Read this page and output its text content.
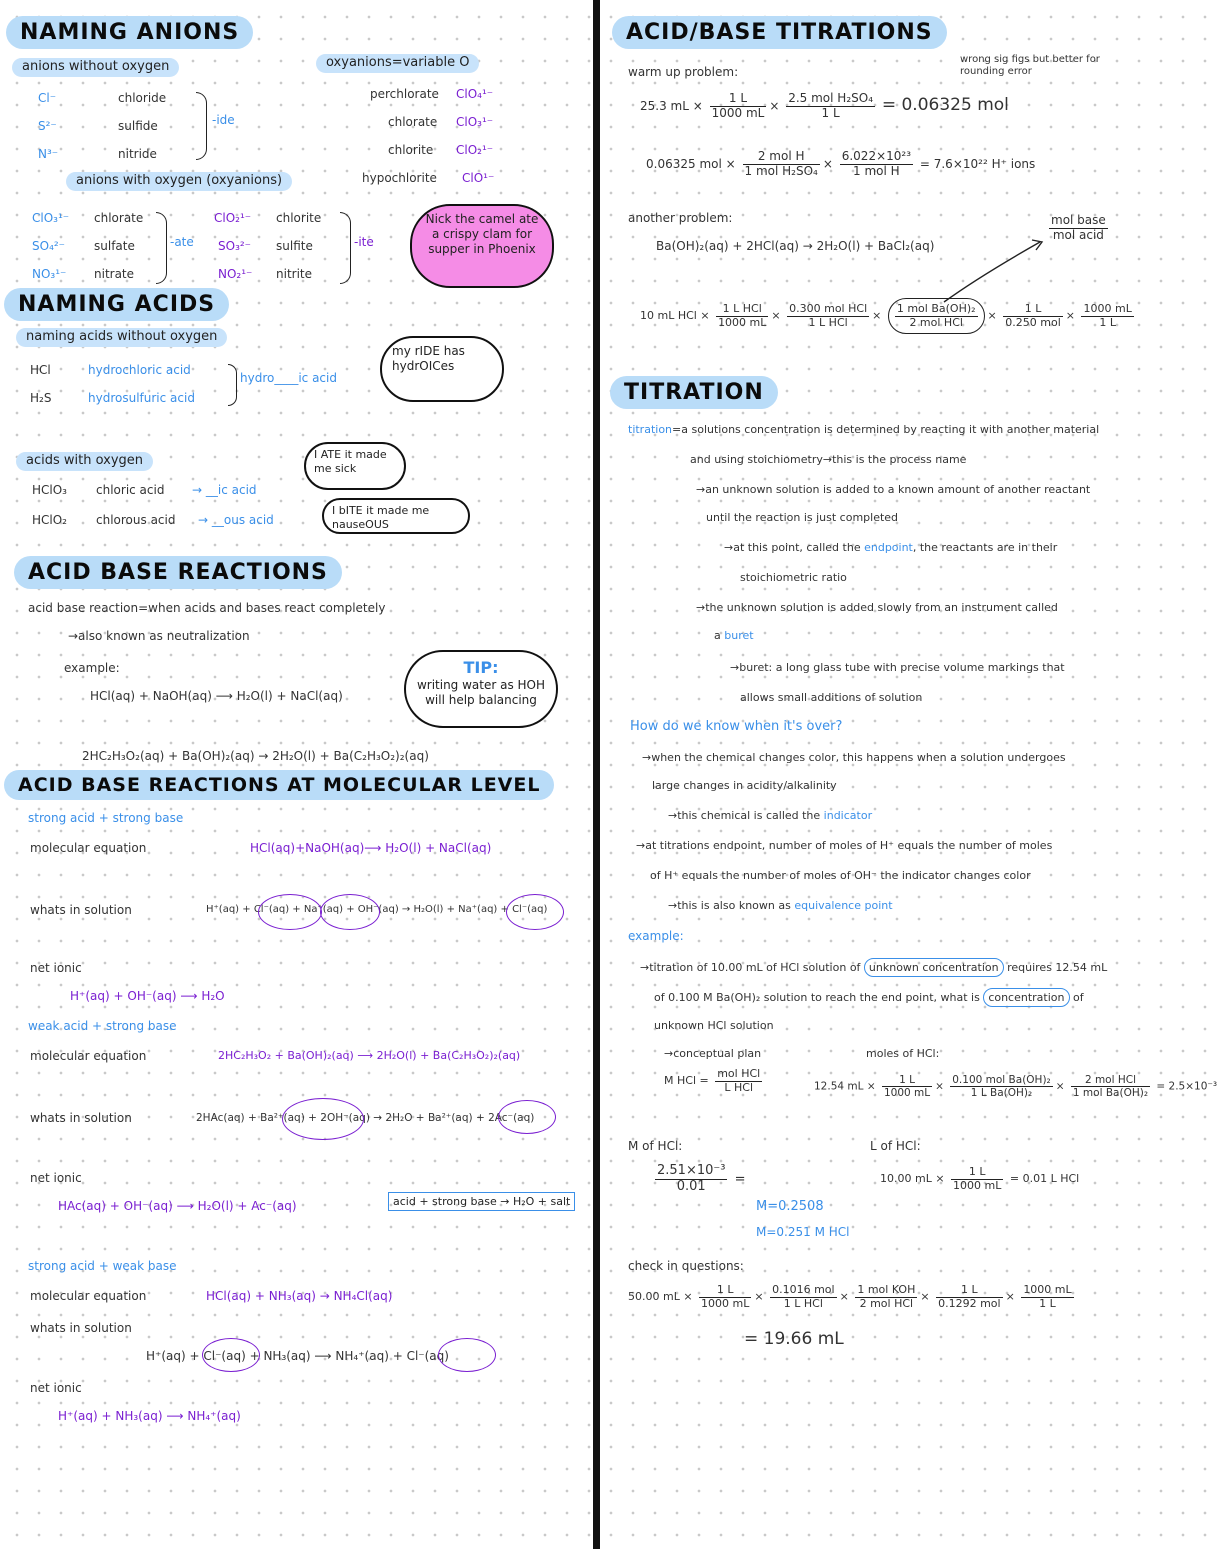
NAMING ANIONS
anions without oxygen	oxyanions=variable O
Cl⁻	chloride
S²⁻	sulfide
N³⁻	nitride
-ide
perchlorate ClO₄¹⁻
chlorate ClO₃¹⁻
chlorite ClO₂¹⁻
hypochlorite ClO¹⁻
anions with oxygen (oxyanions)
ClO₃¹⁻ chlorate
SO₄²⁻ sulfate
NO₃¹⁻ nitrate
-ate
ClO₂¹⁻ chlorite
SO₃²⁻ sulfite
NO₂¹⁻ nitrite
-ite
Nick the camel ate a crispy clam for supper in Phoenix
NAMING ACIDS
naming acids without oxygen
HCl	hydrochloric acid
H₂S	hydrosulfuric acid
hydro____ic acid
my rIDE has hydrOICes
acids with oxygen
HClO₃ chloric acid → __ic acid
HClO₂ chlorous acid → __ous acid
I ATE it made me sick
I bITE it made me nauseOUS
ACID BASE REACTIONS
acid base reaction=when acids and bases react completely
→also known as neutralization
example:
HCl(aq) + NaOH(aq) ⟶ H₂O(l) + NaCl(aq)
2HC₂H₃O₂(aq) + Ba(OH)₂(aq) → 2H₂O(l) + Ba(C₂H₃O₂)₂(aq)
TIP:
writing water as HOH will help balancing
ACID BASE REACTIONS AT MOLECULAR LEVEL
strong acid + strong base
molecular equation	HCl(aq)+NaOH(aq)⟶ H₂O(l) + NaCl(aq)
whats in solution	H⁺(aq) + Cl⁻(aq) + Na⁺(aq) + OH⁻(aq) → H₂O(l) + Na⁺(aq) + Cl⁻(aq)
net ionic
H⁺(aq) + OH⁻(aq) ⟶ H₂O
weak acid + strong base
molecular equation	2HC₂H₃O₂ + Ba(OH)₂(aq) ⟶ 2H₂O(l) + Ba(C₂H₃O₂)₂(aq)
whats in solution	2HAc(aq) + Ba²⁺(aq) + 2OH⁻(aq) → 2H₂O + Ba²⁺(aq) + 2Ac⁻(aq)
net ionic
HAc(aq) + OH⁻(aq) ⟶ H₂O(l) + Ac⁻(aq)	acid + strong base → H₂O + salt
strong acid + weak base
molecular equation	HCl(aq) + NH₃(aq) → NH₄Cl(aq)
whats in solution
H⁺(aq) + Cl⁻(aq) + NH₃(aq) ⟶ NH₄⁺(aq) + Cl⁻(aq)
net ionic
H⁺(aq) + NH₃(aq) ⟶ NH₄⁺(aq)
ACID/BASE TITRATIONS
warm up problem:
wrong sig figs but better for rounding error
25.3 mL × $\frac{1 L}{1000 mL} \times \frac{\text{2.5 mol H₂SO₄}}{1 L} = 0.06325$ mol
0.06325 mol × $\frac{\text{2 mol H}}{\text{1 mol H₂SO₄}} \times \frac{\text{6.022×10²³}}{\text{1 mol H}} = 7.6\times 10^{22}$ H⁺ ions
another problem:
Ba(OH)₂(aq) + 2HCl(aq) → 2H₂O(l) + BaCl₂(aq)
$\frac{\text{mol base}}{\text{mol acid}}$
10 mL HCl × $\frac{\text{1 L HCl}}{1000 mL} \times \frac{\text{0.300 mol HCl}}{\text{1 L HCl}} \times \frac{\text{1 mol Ba(OH)₂}}{\text{2 mol HCl}} \times \frac{1 L}{\text{0.250 mol}} \times \frac{1000 mL}{1 L}$
TITRATION
titration=a solutions concentration is determined by reacting it with another material
and using stoichiometry→this is the process name
→an unknown solution is added to a known amount of another reactant
until the reaction is just completed
→at this point, called the endpoint, the reactants are in their
stoichiometric ratio
→the unknown solution is added slowly from an instrument called
a buret
→buret: a long glass tube with precise volume markings that
allows small additions of solution
How do we know when it's over?
→when the chemical changes color, this happens when a solution undergoes
large changes in acidity/alkalinity
→this chemical is called the indicator
→at titrations endpoint, number of moles of H⁺ equals the number of moles
of H⁺ equals the number of moles of OH⁻ the indicator changes color
→this is also known as equivalence point
example:
→titration of 10.00 mL of HCl solution of unknown concentration requires 12.54 mL
of 0.100 M Ba(OH)₂ solution to reach the end point, what is concentration of
unknown HCl solution
→conceptual plan
M HCl = $\frac{\text{mol HCl}}{\text{L HCl}}$
moles of HCl:
12.54 mL × $\frac{1 L}{1000 mL} \times \frac{\text{0.100 mol Ba(OH)₂}}{\text{1 L Ba(OH)₂}} \times \frac{\text{2 mol HCl}}{\text{1 mol Ba(OH)₂}} = 2.5\times 10^{-3}$
M of HCl:
$\frac{\text{2.51×10⁻³}}{0.01}$ =
M=0.2508
M=0.251 M HCl
L of HCl:
10.00 mL × $\frac{1 L}{1000 mL} = 0.01$ L HCl
check in questions:
50.00 mL × $\frac{1 L}{1000 mL} \times \frac{\text{0.1016 mol}}{\text{1 L HCl}} \times \frac{\text{1 mol KOH}}{\text{2 mol HCl}} \times \frac{1 L}{\text{0.1292 mol}} \times \frac{1000 mL}{1 L}$
= 19.66 mL
